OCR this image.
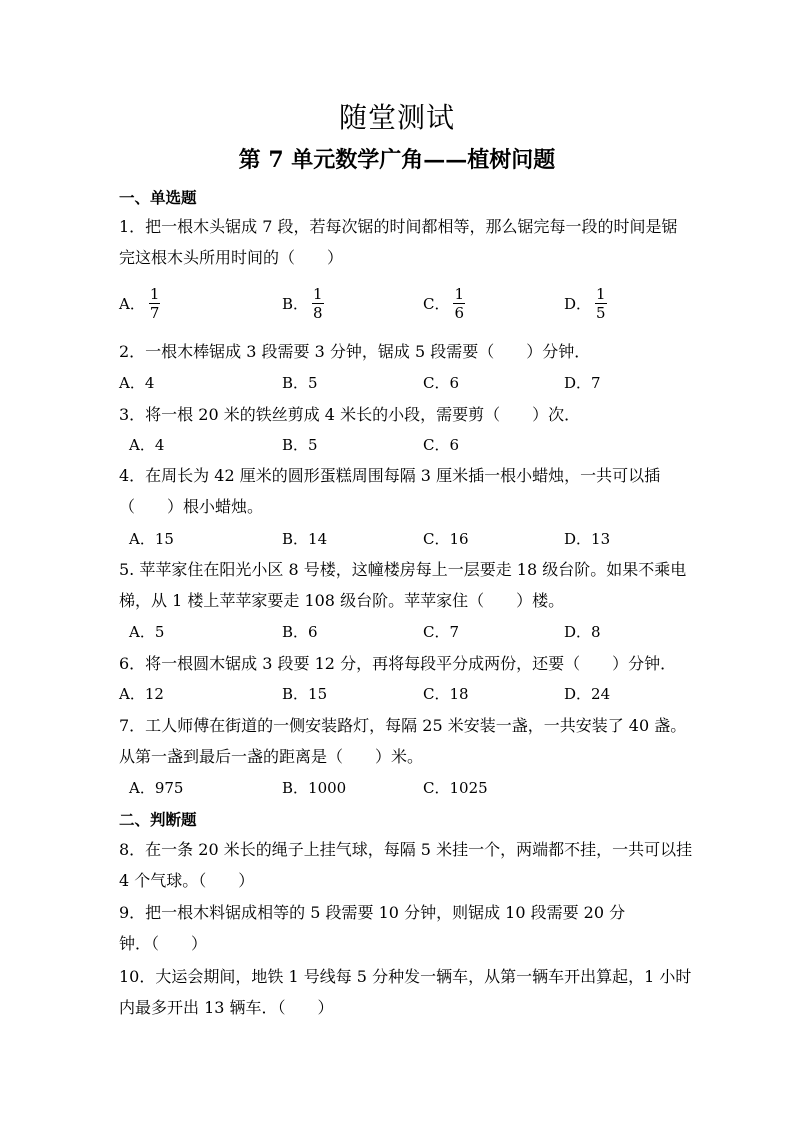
随堂测试
第 7 单元数学广角——植树问题
一、单选题
1．把一根木头锯成 7 段，若每次锯的时间都相等，那么锯完每一段的时间是锯
完这根木头所用时间的（　　）
A． $\frac{1}{7}$	B． $\frac{1}{8}$	C． $\frac{1}{6}$	D． $\frac{1}{5}$
2．一根木棒锯成 3 段需要 3 分钟，锯成 5 段需要（　　）分钟．
A．4	B．5	C．6	D．7
3．将一根 20 米的铁丝剪成 4 米长的小段，需要剪（　　）次．
A．4	B．5	C．6
4．在周长为 42 厘米的圆形蛋糕周围每隔 3 厘米插一根小蜡烛，一共可以插
（　　）根小蜡烛。
A．15	B．14	C．16	D．13
5. 苹苹家住在阳光小区 8 号楼，这幢楼房每上一层要走 18 级台阶。如果不乘电
梯，从 1 楼上苹苹家要走 108 级台阶。苹苹家住（　　）楼。
A．5	B．6	C．7	D．8
6．将一根圆木锯成 3 段要 12 分，再将每段平分成两份，还要（　　）分钟．
A．12	B．15	C．18	D．24
7．工人师傅在街道的一侧安装路灯，每隔 25 米安装一盏，一共安装了 40 盏。
从第一盏到最后一盏的距离是（　　）米。
A．975	B．1000	C．1025
二、判断题
8．在一条 20 米长的绳子上挂气球，每隔 5 米挂一个，两端都不挂，一共可以挂
4 个气球。（　　）
9．把一根木料锯成相等的 5 段需要 10 分钟，则锯成 10 段需要 20 分
钟．（　　）
10．大运会期间，地铁 1 号线每 5 分种发一辆车，从第一辆车开出算起，1 小时
内最多开出 13 辆车．（　　）
